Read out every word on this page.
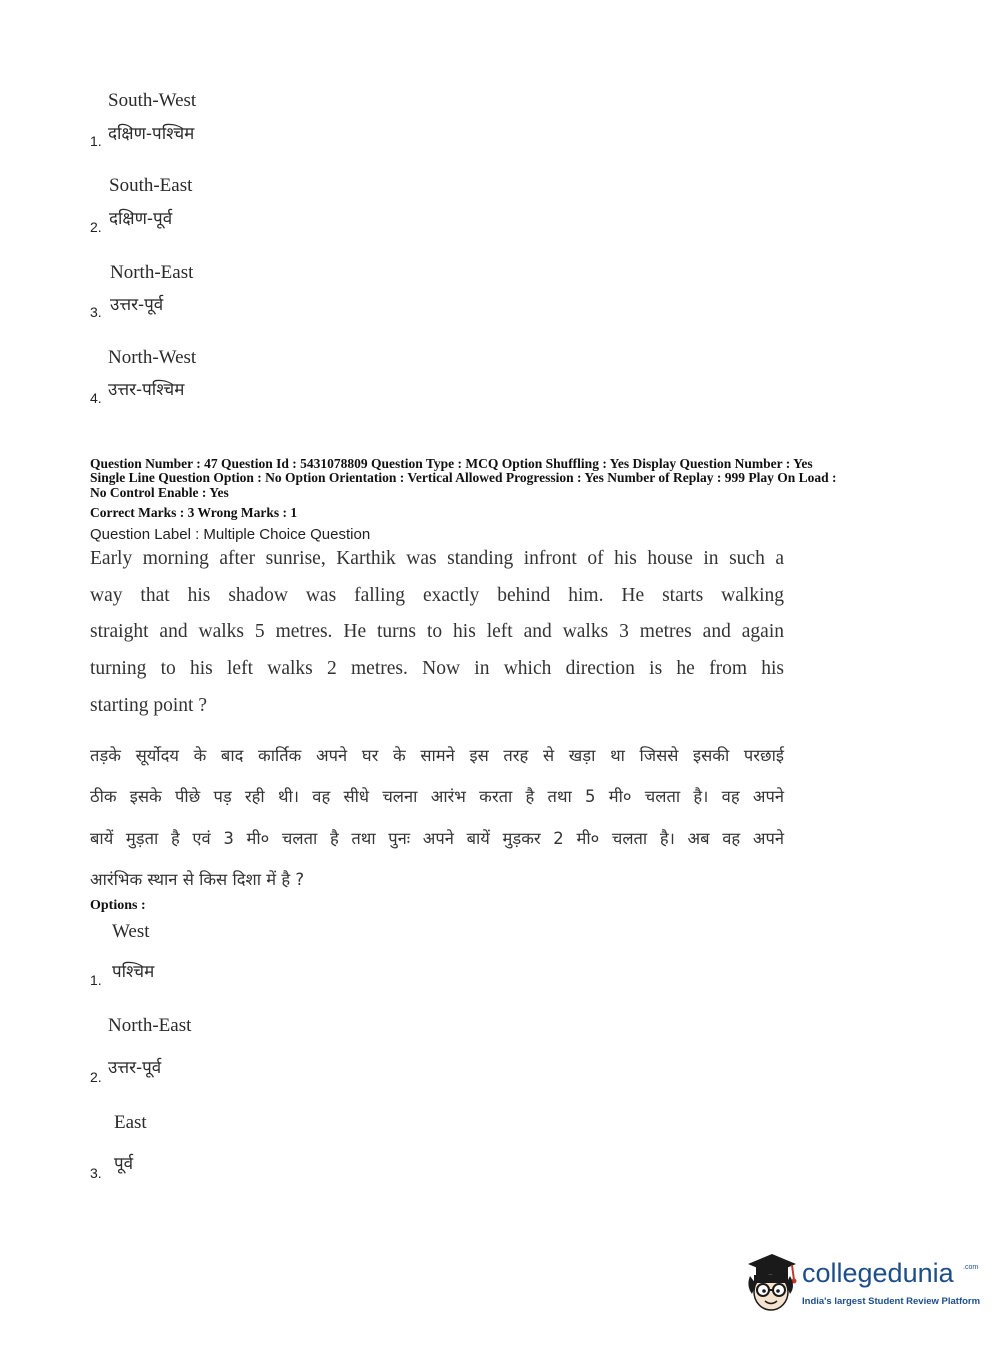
South-West
दक्षिण-पश्चिम
1.
South-East
दक्षिण-पूर्व
2.
North-East
उत्तर-पूर्व
3.
North-West
उत्तर-पश्चिम
4.
Question Number : 47 Question Id : 5431078809 Question Type : MCQ Option Shuffling : Yes Display Question Number : Yes
Single Line Question Option : No Option Orientation : Vertical Allowed Progression : Yes Number of Replay : 999 Play On Load :
No Control Enable : Yes
Correct Marks : 3 Wrong Marks : 1
Question Label : Multiple Choice Question
Early morning after sunrise, Karthik was standing infront of his house in such a
way that his shadow was falling exactly behind him. He starts walking
straight and walks 5 metres. He turns to his left and walks 3 metres and again
turning to his left walks 2 metres. Now in which direction is he from his
starting point ?
तड़के सूर्योदय के बाद कार्तिक अपने घर के सामने इस तरह से खड़ा था जिससे इसकी परछाई
ठीक इसके पीछे पड़ रही थी। वह सीधे चलना आरंभ करता है तथा 5 मी० चलता है। वह अपने
बायें मुड़ता है एवं 3 मी० चलता है तथा पुनः अपने बायें मुड़कर 2 मी० चलता है। अब वह अपने
आरंभिक स्थान से किस दिशा में है ?
Options :
West
पश्चिम
1.
North-East
उत्तर-पूर्व
2.
East
पूर्व
3.
collegedunia .com
India's largest Student Review Platform
